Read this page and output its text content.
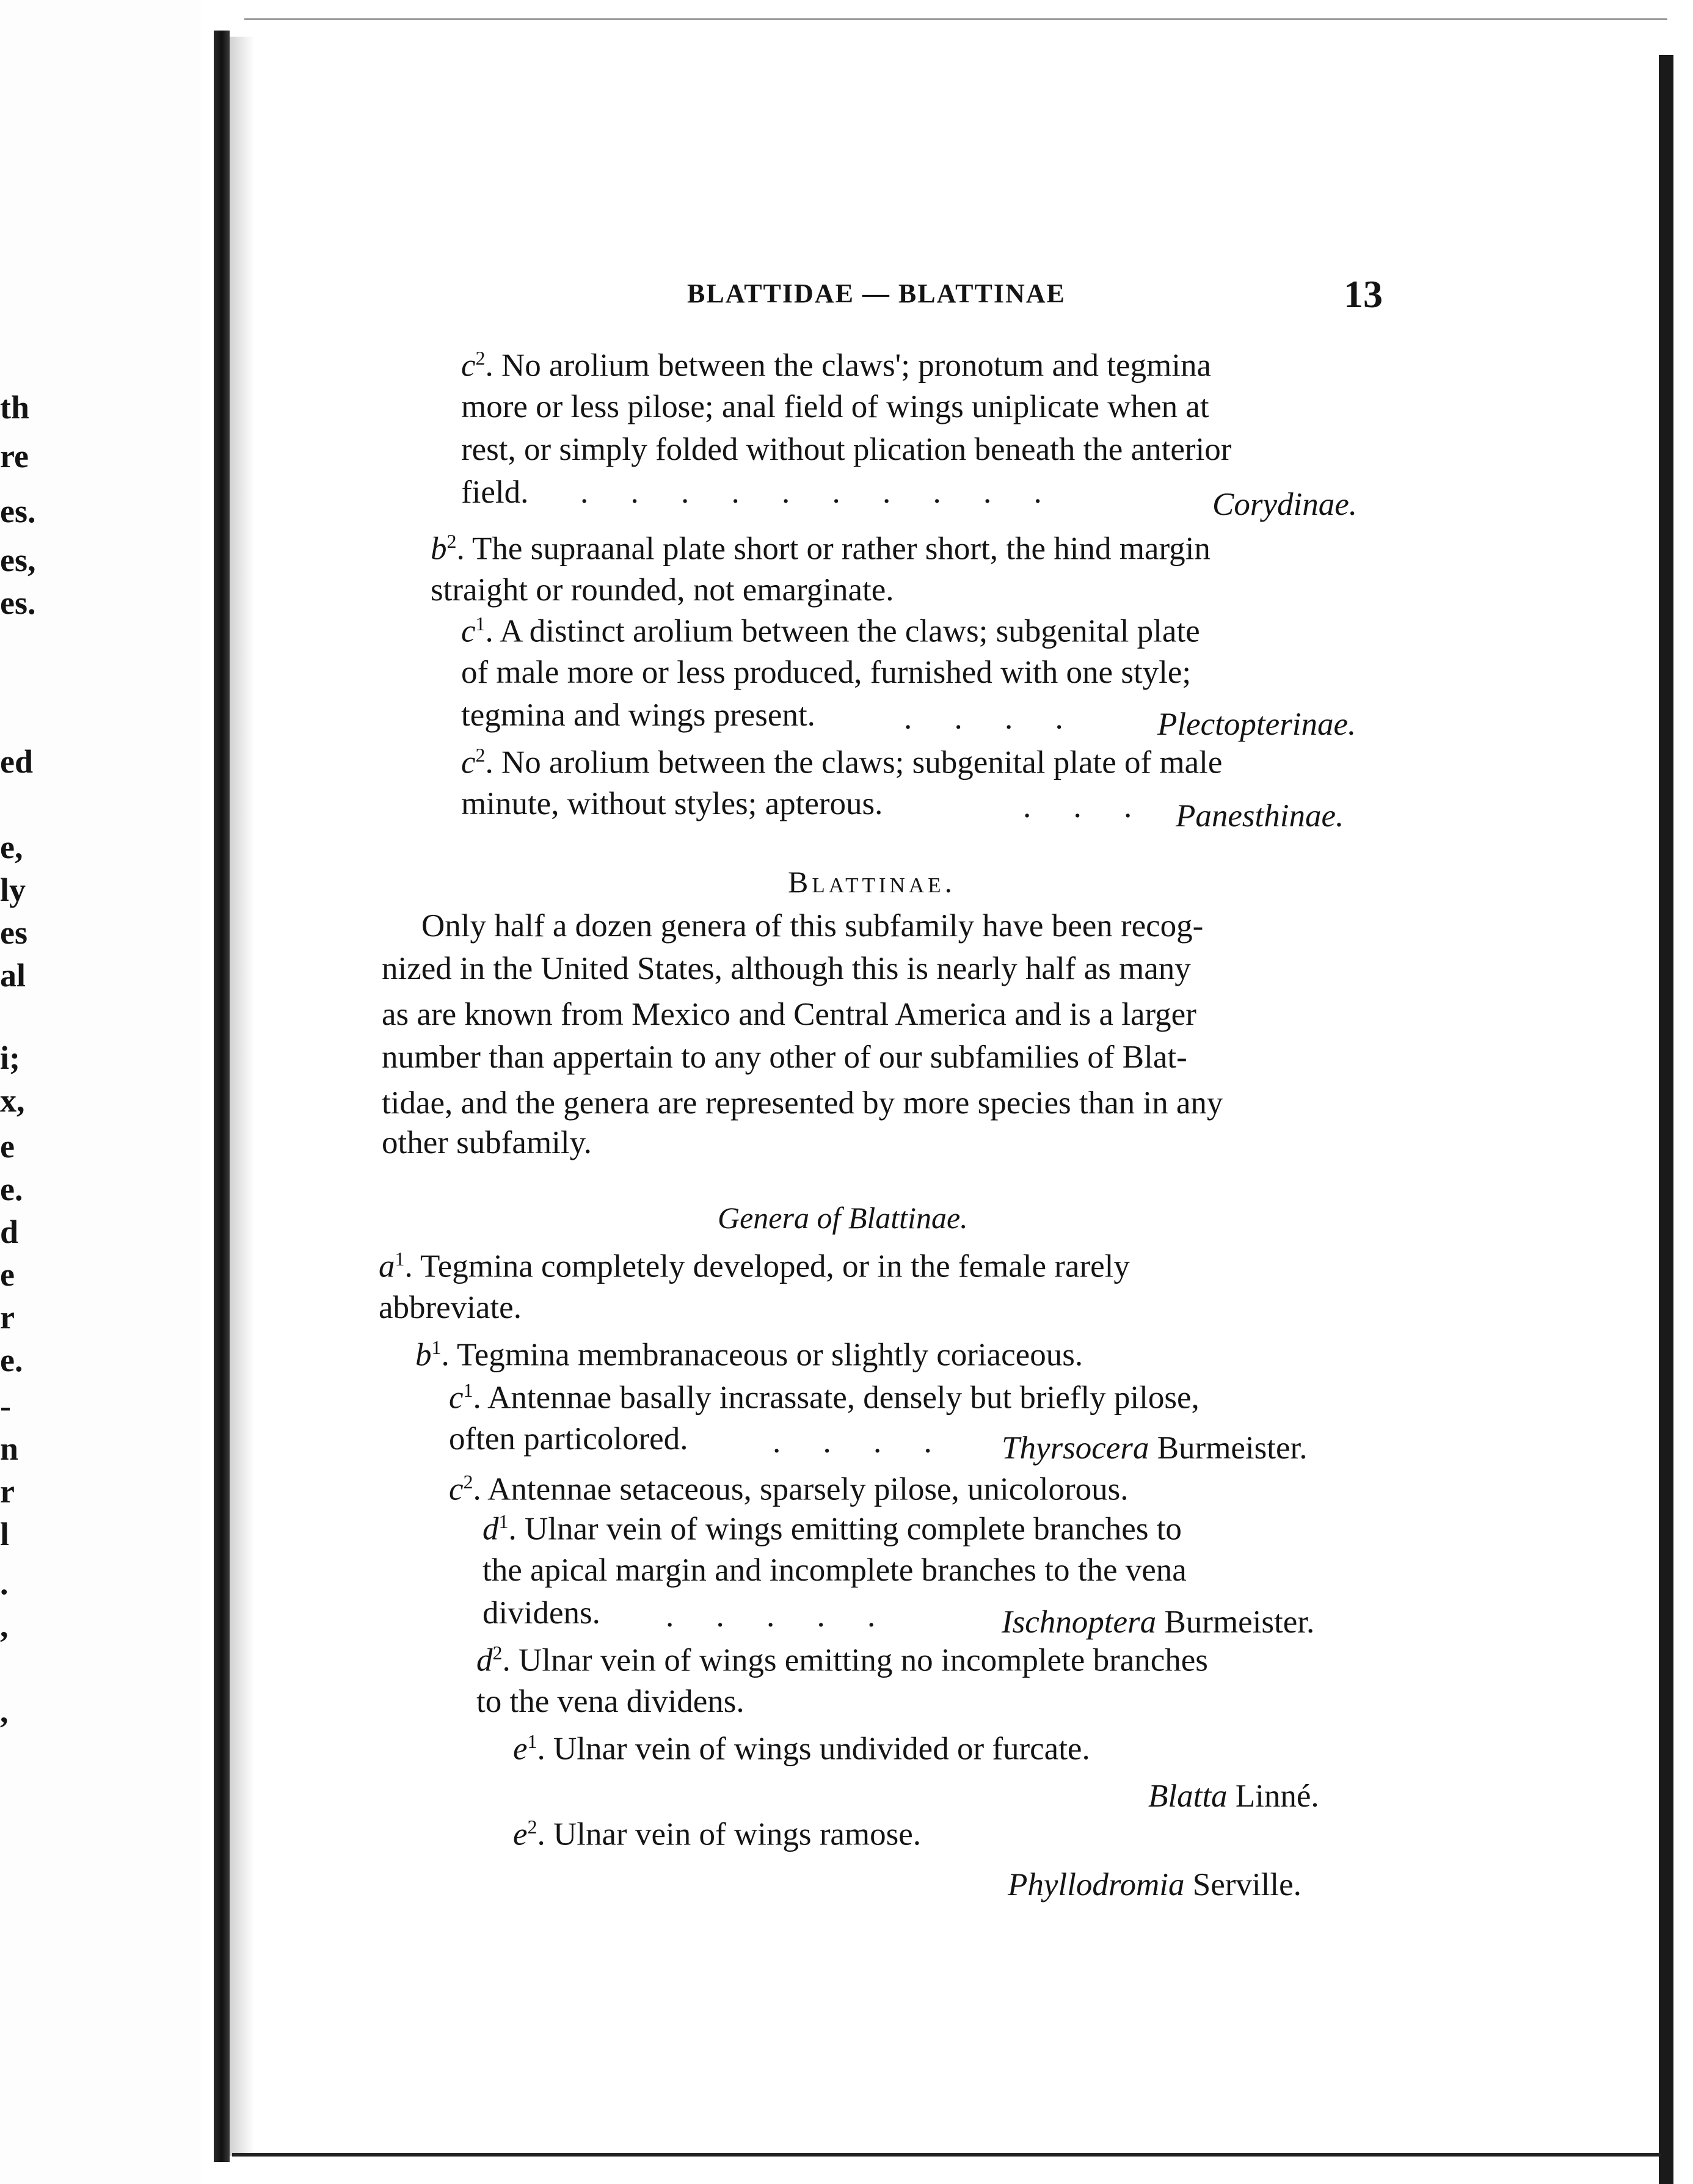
th
re
es.
es,
es.
ed
e,
ly
es
al
i;
x,
e
e.
d
e
r
e.
-
n
r
l
.
,
,
BLATTIDAE — BLATTINAE	13
$c^2$. No arolium between the claws'; pronotum and tegmina
more or less pilose; anal field of wings uniplicate when at
rest, or simply folded without plication beneath the anterior
field. . . . . . . . . . .	Corydinae.
$b^2$. The supraanal plate short or rather short, the hind margin
straight or rounded, not emarginate.
$c^1$. A distinct arolium between the claws; subgenital plate
of male more or less produced, furnished with one style;
tegmina and wings present.	. . . . Plectopterinae.
$c^2$. No arolium between the claws; subgenital plate of male
minute, without styles; apterous.	. . . Panesthinae.
Blattinae.
Only half a dozen genera of this subfamily have been recog-
nized in the United States, although this is nearly half as many
as are known from Mexico and Central America and is a larger
number than appertain to any other of our subfamilies of Blat-
tidae, and the genera are represented by more species than in any
other subfamily.
Genera of Blattinae.
$a^1$. Tegmina completely developed, or in the female rarely
abbreviate.
$b^1$. Tegmina membranaceous or slightly coriaceous.
$c^1$. Antennae basally incrassate, densely but briefly pilose,
often particolored.	. . . . Thyrsocera Burmeister.
$c^2$. Antennae setaceous, sparsely pilose, unicolorous.
$d^1$. Ulnar vein of wings emitting complete branches to
the apical margin and incomplete branches to the vena
dividens. . . . . .	Ischnoptera Burmeister.
$d^2$. Ulnar vein of wings emitting no incomplete branches
to the vena dividens.
$e^1$. Ulnar vein of wings undivided or furcate.
Blatta Linné.
$e^2$. Ulnar vein of wings ramose.
Phyllodromia Serville.
